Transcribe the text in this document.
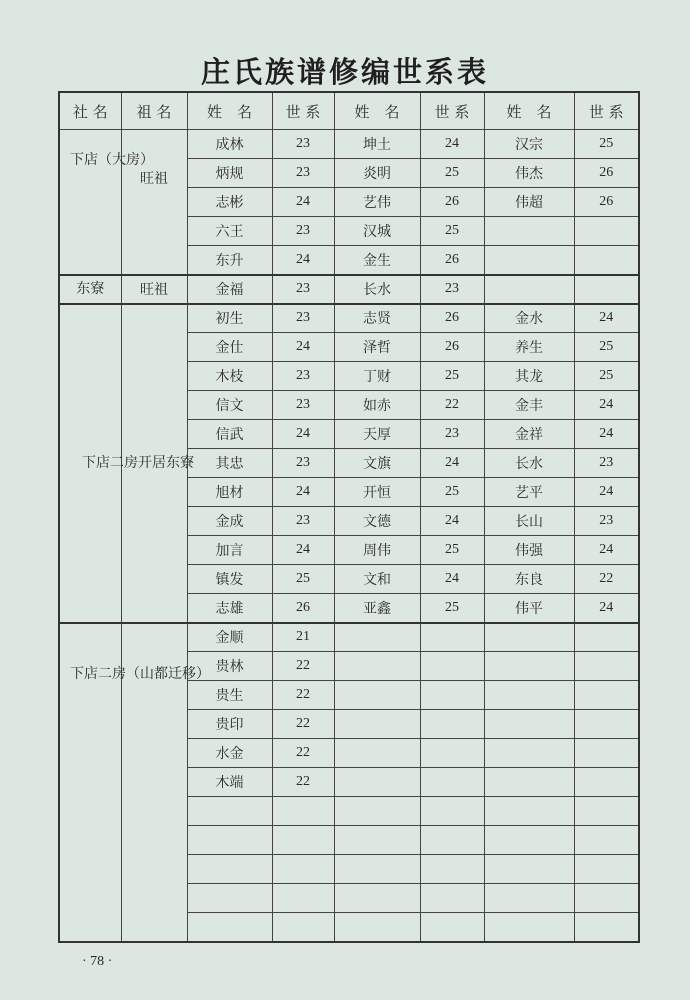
庄氏族谱修编世系表
社 名	祖 名	姓　名	世 系	姓　名	世 系	姓　名	世 系
下店（大房）	旺祖	成林	23	坤土	24	汉宗	25
		炳规	23	炎明	25	伟杰	26
		志彬	24	艺伟	26	伟超	26
		六王	23	汉城	25		
		东升	24	金生	26		
东寮	旺祖	金福	23	长水	23		
下店二房开居东寮		初生	23	志贤	26	金水	24
		金仕	24	泽哲	26	养生	25
		木枝	23	丁财	25	其龙	25
		信文	23	如赤	22	金丰	24
		信武	24	天厚	23	金祥	24
		其忠	23	文旗	24	长水	23
		旭材	24	开恒	25	艺平	24
		金成	23	文德	24	长山	23
		加言	24	周伟	25	伟强	24
		镇发	25	文和	24	东良	22
		志雄	26	亚鑫	25	伟平	24
下店二房（山都迁移）		金顺	21				
		贵林	22				
		贵生	22				
		贵印	22				
		水金	22				
		木端	22				

· 78 ·
